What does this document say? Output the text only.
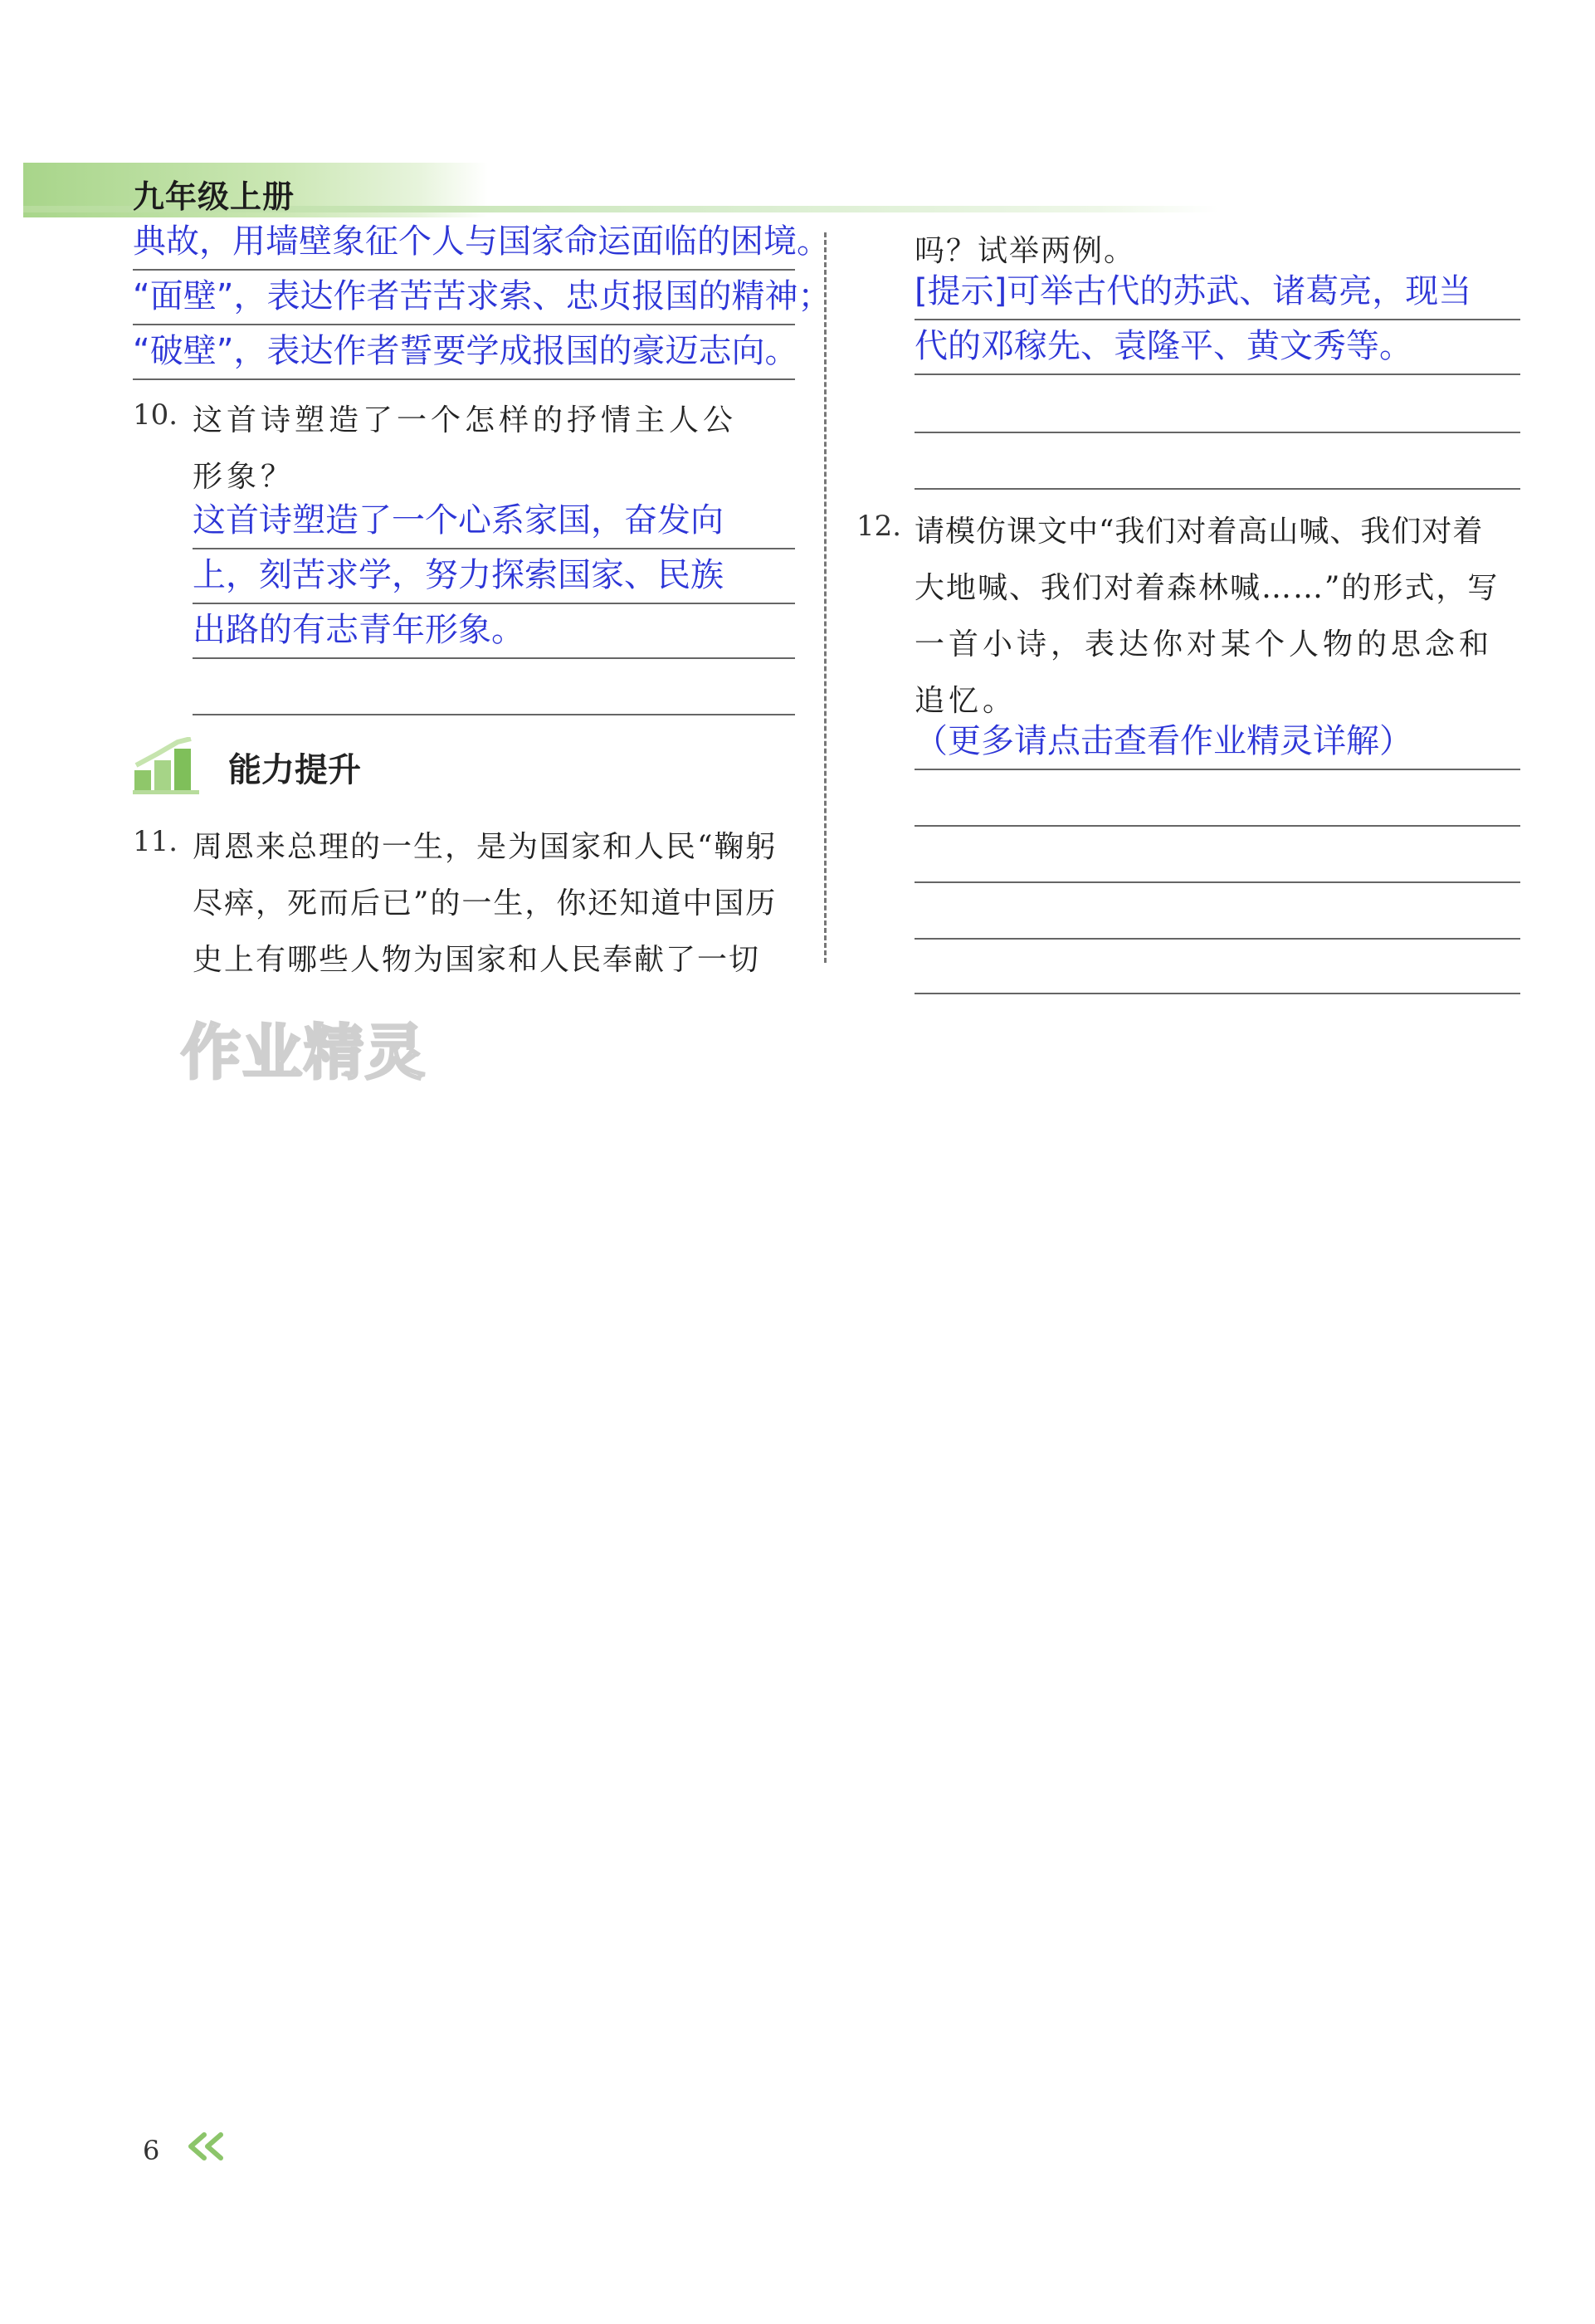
九年级上册
典故，用墙壁象征个人与国家命运面临的困境。
“面壁”，表达作者苦苦求索、忠贞报国的精神；
“破壁”，表达作者誓要学成报国的豪迈志向。
10. 这首诗塑造了一个怎样的抒情主人公
形象？
这首诗塑造了一个心系家国，奋发向
上，刻苦求学，努力探索国家、民族
出路的有志青年形象。
能力提升
11. 周恩来总理的一生，是为国家和人民“鞠躬
尽瘁，死而后已”的一生，你还知道中国历
史上有哪些人物为国家和人民奉献了一切
作业精灵
吗？试举两例。
[提示]可举古代的苏武、诸葛亮，现当
代的邓稼先、袁隆平、黄文秀等。
12. 请模仿课文中“我们对着高山喊、我们对着
大地喊、我们对着森林喊……”的形式，写
一首小诗，表达你对某个人物的思念和
追忆。
（更多请点击查看作业精灵详解）
6
